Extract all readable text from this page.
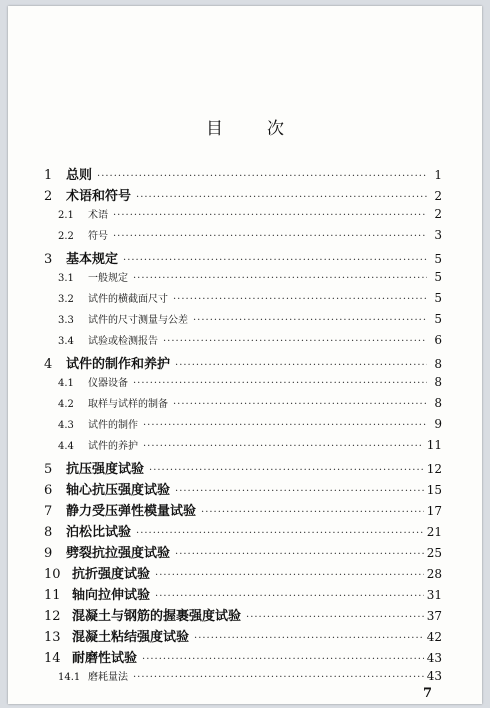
目	次
1	总则 ·····	1
2	术语和符号 ·····	2
2.1	术语 ·····	2
2.2	符号 ·····	3
3	基本规定 ·····	5
3.1	一般规定 ·····	5
3.2	试件的横截面尺寸 ·····	5
3.3	试件的尺寸测量与公差 ·····	5
3.4	试验或检测报告 ·····	6
4	试件的制作和养护 ·····	8
4.1	仪器设备 ·····	8
4.2	取样与试样的制备 ·····	8
4.3	试件的制作 ·····	9
4.4	试件的养护 ·····	11
5	抗压强度试验 ·····	12
6	轴心抗压强度试验 ·····	15
7	静力受压弹性模量试验 ·····	17
8	泊松比试验 ·····	21
9	劈裂抗拉强度试验 ·····	25
10 抗折强度试验 ·····	28
11 轴向拉伸试验 ·····	31
12 混凝土与钢筋的握裹强度试验 ·····	37
13 混凝土粘结强度试验 ·····	42
14 耐磨性试验 ·····	43
14.1 磨耗量法 ·····	43
7
